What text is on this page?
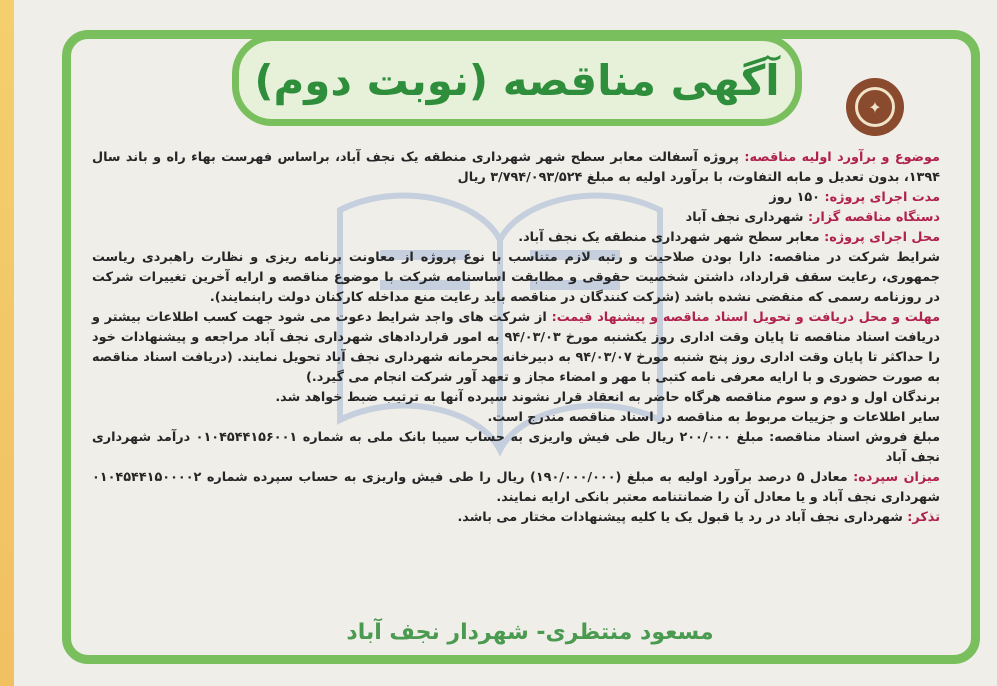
آگهی مناقصه (نوبت دوم)
✦

موضوع و برآورد اولیه مناقصه: پروژه آسفالت معابر سطح شهر شهرداری منطقه یک نجف آباد، براساس فهرست بهاء راه و باند سال ۱۳۹۴، بدون تعدیل و مابه التفاوت، با برآورد اولیه به مبلغ ۳/۷۹۴/۰۹۳/۵۲۴ ریال

مدت اجرای پروژه: ۱۵۰ روز

دستگاه مناقصه گزار: شهرداری نجف آباد

محل اجرای پروژه: معابر سطح شهر شهرداری منطقه یک نجف آباد.

شرایط شرکت در مناقصه: دارا بودن صلاحیت و رتبه لازم متناسب با نوع پروژه از معاونت برنامه ریزی و نظارت راهبردی ریاست جمهوری، رعایت سقف قرارداد، داشتن شخصیت حقوقی و مطابقت اساسنامه شرکت با موضوع مناقصه و ارایه آخرین تغییرات شرکت در روزنامه رسمی که منقضی نشده باشد (شرکت کنندگان در مناقصه باید رعایت منع مداخله کارکنان دولت رابنمایند).

مهلت و محل دریافت و تحویل اسناد مناقصه و پیشنهاد قیمت: از شرکت های واجد شرایط دعوت می شود جهت کسب اطلاعات بیشتر و دریافت اسناد مناقصه تا پایان وقت اداری روز یکشنبه مورخ ۹۴/۰۳/۰۳ به امور قراردادهای شهرداری نجف آباد مراجعه و پیشنهادات خود را حداکثر تا پایان وقت اداری روز پنج شنبه مورخ ۹۴/۰۳/۰۷ به دبیرخانه محرمانه شهرداری نجف آباد تحویل نمایند. (دریافت اسناد مناقصه به صورت حضوری و با ارایه معرفی نامه کتبی با مهر و امضاء مجاز و تعهد آور شرکت انجام می گیرد.)

برندگان اول و دوم و سوم مناقصه هرگاه حاضر به انعقاد قرار نشوند سپرده آنها به ترتیب ضبط خواهد شد.

سایر اطلاعات و جزییات مربوط به مناقصه در اسناد مناقصه مندرج است.

مبلغ فروش اسناد مناقصه: مبلغ ۲۰۰/۰۰۰ ریال طی فیش واریزی به حساب سیبا بانک ملی به شماره ۰۱۰۴۵۴۴۱۵۶۰۰۱ درآمد شهرداری نجف آباد

میزان سپرده: معادل ۵ درصد برآورد اولیه به مبلغ (۱۹۰/۰۰۰/۰۰۰) ریال را طی فیش واریزی به حساب سپرده شماره ۰۱۰۴۵۴۴۱۵۰۰۰۰۲ شهرداری نجف آباد و یا معادل آن را ضمانتنامه معتبر بانکی ارایه نمایند.

تذکر: شهرداری نجف آباد در رد یا قبول یک یا کلیه پیشنهادات مختار می باشد.

مسعود منتظری- شهردار نجف آباد
